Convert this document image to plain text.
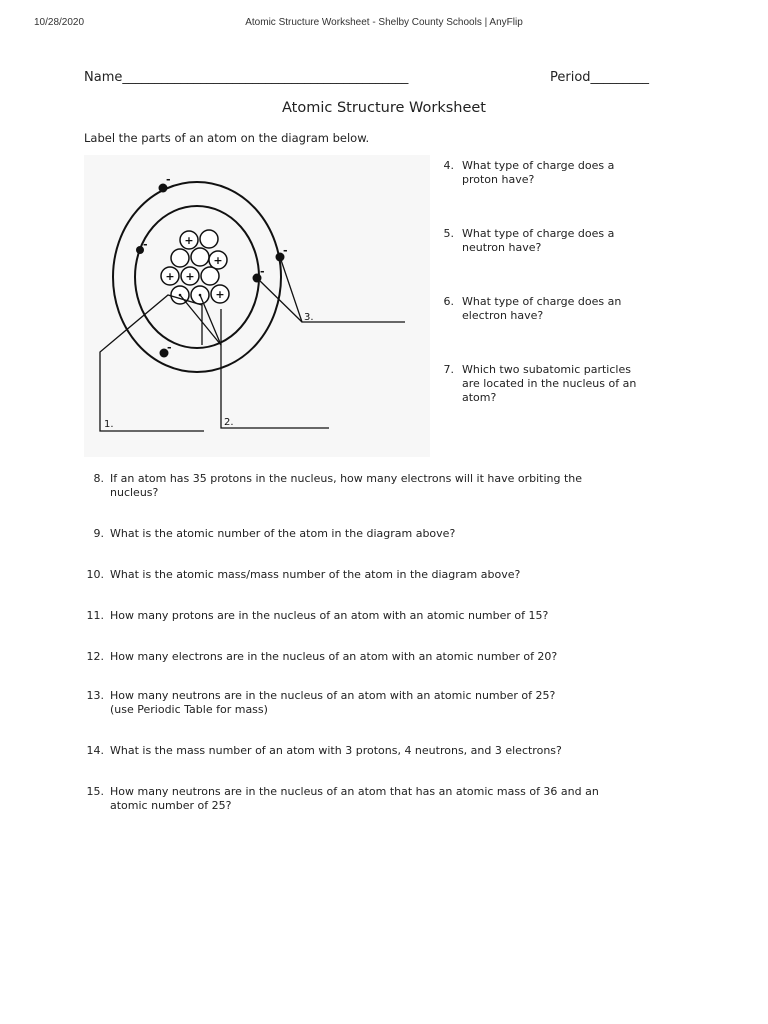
10/28/2020	Atomic Structure Worksheet - Shelby County Schools | AnyFlip
Name____________________________________________	Period_________
Atomic Structure Worksheet
Label the parts of an atom on the diagram below.
+
+
+
+
+
-
-	-
-
-
1.	2.
3.
4. What type of charge does a
proton have?
5. What type of charge does a
neutron have?
6. What type of charge does an
electron have?
7. Which two subatomic particles
are located in the nucleus of an
atom?
8. If an atom has 35 protons in the nucleus, how many electrons will it have orbiting the
nucleus?
9. What is the atomic number of the atom in the diagram above?
10. What is the atomic mass/mass number of the atom in the diagram above?
11. How many protons are in the nucleus of an atom with an atomic number of 15?
12. How many electrons are in the nucleus of an atom with an atomic number of 20?
13. How many neutrons are in the nucleus of an atom with an atomic number of 25?
(use Periodic Table for mass)
14. What is the mass number of an atom with 3 protons, 4 neutrons, and 3 electrons?
15. How many neutrons are in the nucleus of an atom that has an atomic mass of 36 and an
atomic number of 25?
